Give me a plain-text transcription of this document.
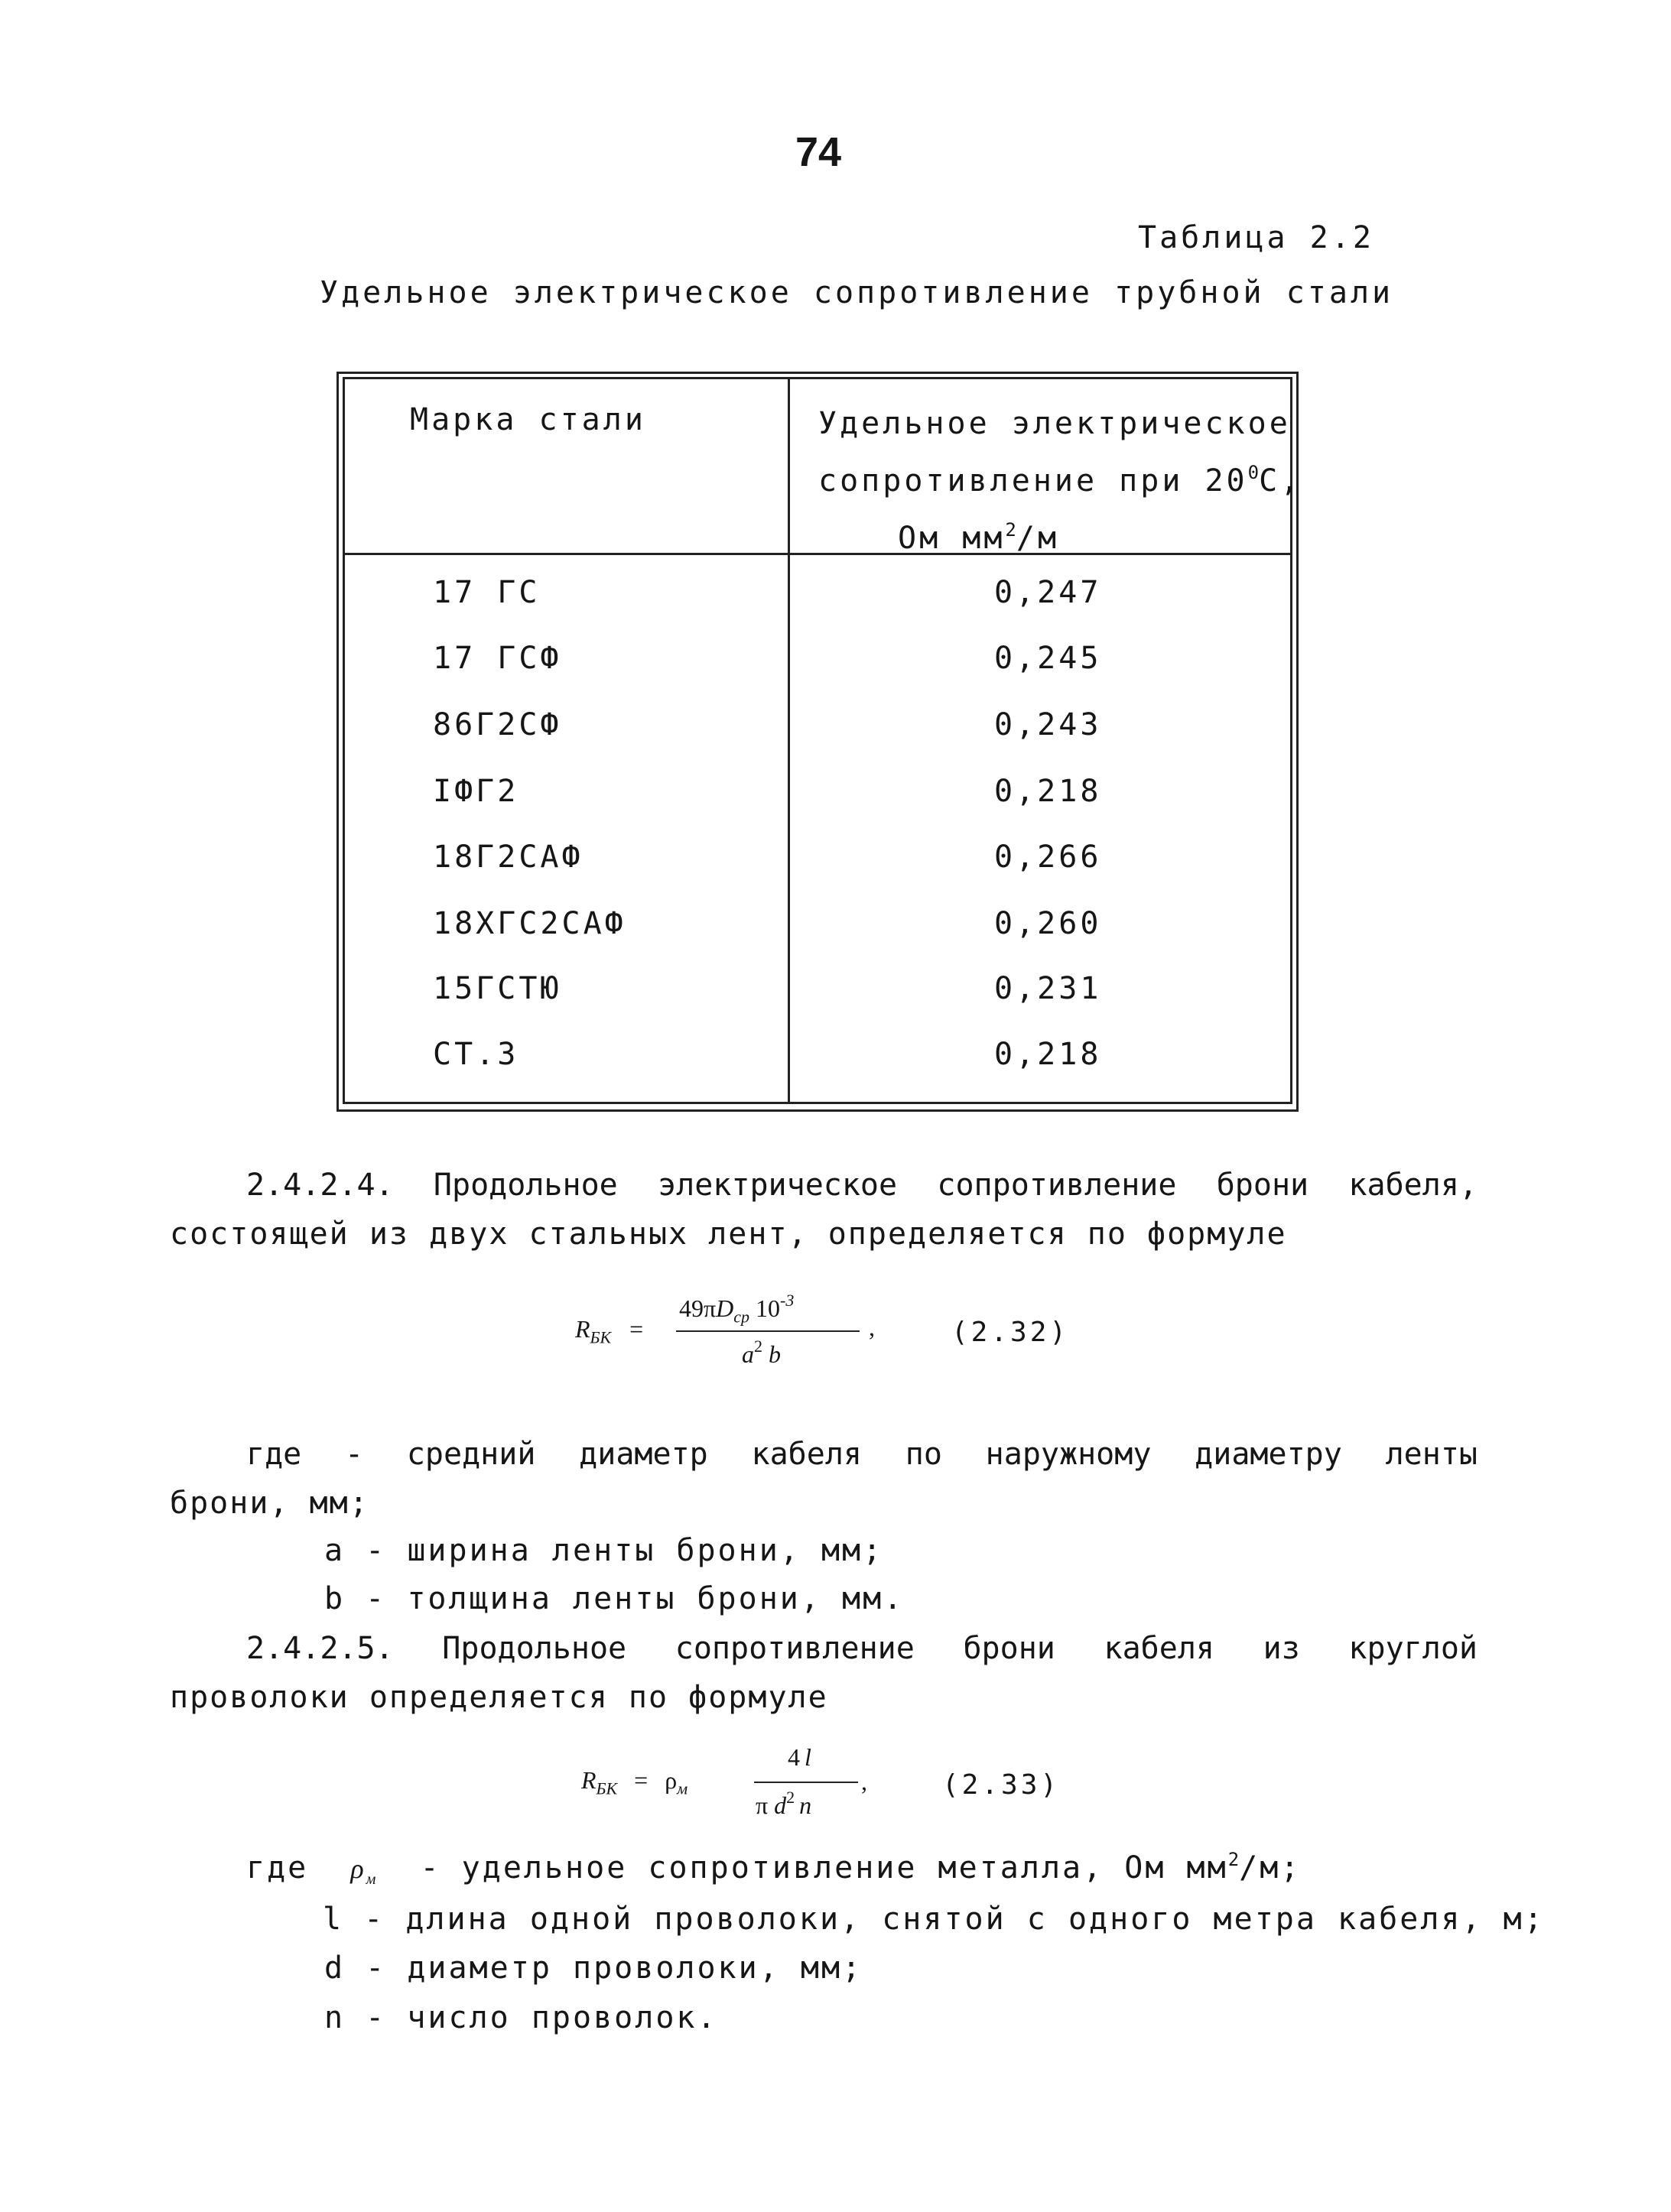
74
Таблица 2.2
Удельное электрическое сопротивление трубной стали
Марка стали	Удельное электрическое
сопротивление при $20^0С$,
Ом $мм^2/м$
17 ГС	0,247
17 ГСФ	0,245
86Г2СФ	0,243
IФГ2	0,218
18Г2САФ	0,266
18ХГС2САФ	0,260
15ГСТЮ	0,231
СТ.3	0,218
2.4.2.4. Продольное электрическое сопротивление брони кабеля,
состоящей из двух стальных лент, определяется по формуле
$R_{БК}$ =
$49\pi D_{cp}$ $10^{-3}$
$a^2$ b
,	(2.32)
где - средний диаметр кабеля по наружному диаметру ленты
брони, мм;
a - ширина ленты брони, мм;
b - толщина ленты брони, мм.
2.4.2.5. Продольное сопротивление брони кабеля из круглой
проволоки определяется по формуле
$R_{БК} = \rho_м$
4 l
π $d^2$ n
,	(2.33)
где $\rho_м$ - удельное сопротивление металла, Ом $мм^2/м$;
l - длина одной проволоки, снятой с одного метра кабеля, м;
d - диаметр проволоки, мм;
n - число проволок.
